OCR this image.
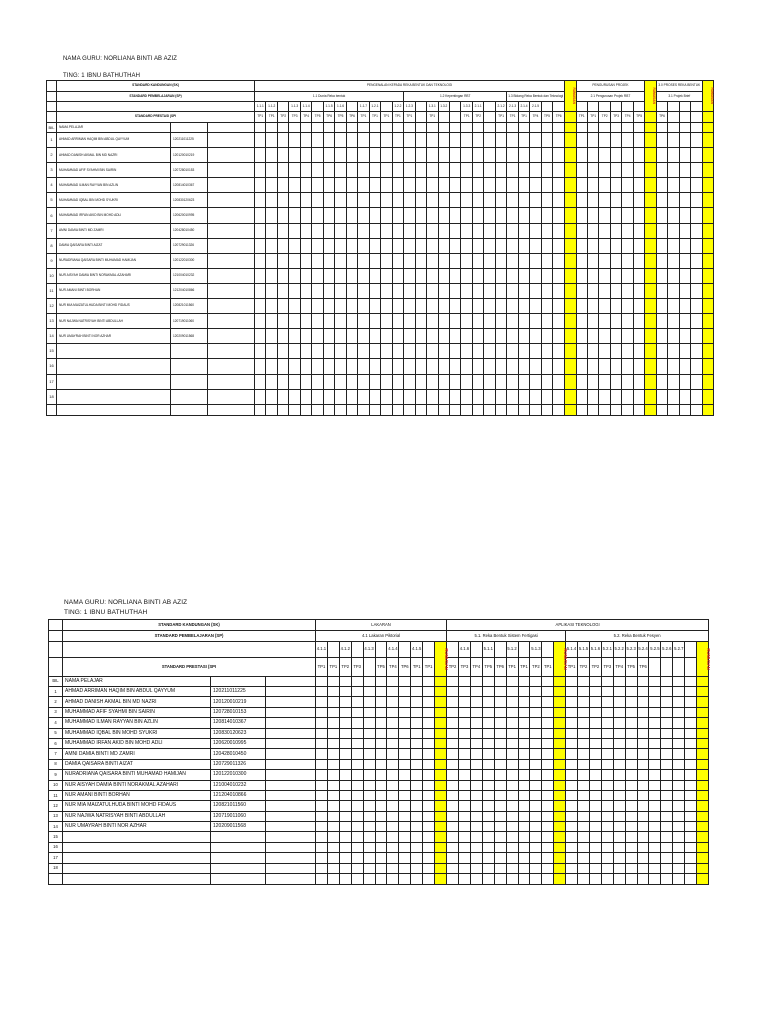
NAMA GURU: NORLIANA BINTI AB AZIZ
TING: 1 IBNU BATHUTHAH
	STANDARD KANDUNGAN (SK)			PENGENALAN KEPADA REKA BENTUK DAN TEKNOLOGI																											RUMUSAN	PENGURUSAN PROJEK						RUMUSAN	3.0 PROSES REKA BENTUK				RUMUSAN
	STANDARD PEMBELAJARAN (SP)			1.1 Dunia Reka bentuk													1.2 Kepentingan RBT									1.3 Bidang Reka Bentuk dan Teknologi						2.1 Pengurusan Projek RBT							3.1 Projek Brief				
				1.1.1	1.1.2		1.1.3	1.1.4		1.1.5	1.1.6		1.1.7	1.2.1		1.2.2	1.2.3		1.3.1	1.3.2		1.3.3	2.1.1		2.1.2	2.1.3	2.1.4	2.1.5															
	STANDARD PRESTASI (SPI			TP1	TP1	TP2	TP3	TP4	TP5	TP6	TP5	TP6	TP1	TP1	TP1	TP1	TP1		TP1			TP1	TP2		TP1	TP1	TP1	TP4	TP5	TP6		TP1	TP1	TP2	TP3	TP4	TP5		TP6				
BIL	NAMA PELAJAR																																										
1	AHMAD ARRIMAN HAQIM BIN ABDUL QAYYUM	120211011225																																									
2	AHMAD DANISH AKMAL BIN MD NAZRI	120120010219																																									
3	MUHAMMAD AFIF SYAHMI BIN SAIRIN	120728010153																																									
4	MUHAMMAD ILMAN RAYYAN BIN AZLIN	120814010367																																									
5	MUHAMMAD IQBAL BIN MOHD SYUKRI	120830120623																																									
6	MUHAMMAD IRFAN AKID BIN MOHD ADLI	120620010995																																									
7	AMNI DAMIA BINTI MD ZAMRI	120428010450																																									
8	DAMIA QAISARA BINTI AIZAT	120729011326																																									
9	NURADRIANA QAISARA BINTI MUHAMAD HAMIJAN	120122010300																																									
10	NUR AISYAH DAMIA BINTI NORAKMAL AZAHARI	121004010232																																									
11	NUR AMANI BINTI BORHAN	121204010866																																									
12	NUR MIA MAIZATULHUDA BINTI MOHD FIDAUS	120821011560																																									
13	NUR NAJWA NATRISYAH BINTI ABDULLAH	120719011060																																									
14	NUR UMAYRAH BINTI NOR AZHAR	120209011568																																									
15																																											
16																																											
17																																											
18																																											

NAMA GURU: NORLIANA BINTI AB AZIZ
TING: 1 IBNU BATHUTHAH
	STANDARD KANDUNGAN (SK)			LAKARAN											APLIKASI TEKNOLOGI																					
	STANDARD PEMBELAJARAN (SP)			4.1 Lakaran Piktorial											5.1. Reka Bentuk Sistem Fertigasi										5.2. Reka Bentuk Fesyen											
				4.1.1		4.1.2		4.1.3		4.1.4		4.1.5		RUMUSAN		4.1.6		5.1.1		5.1.2		5.1.3		RUMUSAN	5.1.4	5.1.5	5.1.6	5.2.1	5.2.2	5.2.3	5.2.4	5.2.5	5.2.6	5.2.7		RUMUSAN
	STANDARD PRESTASI (SPI			TP1	TP1	TP2	TP3		TP5	TP4	TP6	TP1	TP1		TP2	TP3	TP4	TP5	TP6	TP1	TP1	TP2	TP1		TP1	TP2	TP2	TP3	TP4	TP5	TP6					
BIL	NAMA PELAJAR																																			
1	AHMAD ARRIMAN HAQIM BIN ABDUL QAYYUM	120211011225																																		
2	AHMAD DANISH AKMAL BIN MD NAZRI	120120010219																																		
3	MUHAMMAD AFIF SYAHMI BIN SAIRIN	120728010153																																		
4	MUHAMMAD ILMAN RAYYAN BIN AZLIN	120814010367																																		
5	MUHAMMAD IQBAL BIN MOHD SYUKRI	120830120623																																		
6	MUHAMMAD IRFAN AKID BIN MOHD ADLI	120620010995																																		
7	AMNI DAMIA BINTI MD ZAMRI	120428010450																																		
8	DAMIA QAISARA BINTI AIZAT	120729011326																																		
9	NURADRIANA QAISARA BINTI MUHAMAD HAMIJAN	120122010300																																		
10	NUR AISYAH DAMIA BINTI NORAKMAL AZAHARI	121004010232																																		
11	NUR AMANI BINTI BORHAN	121204010866																																		
12	NUR MIA MAIZATULHUDA BINTI MOHD FIDAUS	120821011560																																		
13	NUR NAJWA NATRISYAH BINTI ABDULLAH	120719011060																																		
14	NUR UMAYRAH BINTI NOR AZHAR	120209011568																																		
15																																				
16																																				
17																																				
18																																				
